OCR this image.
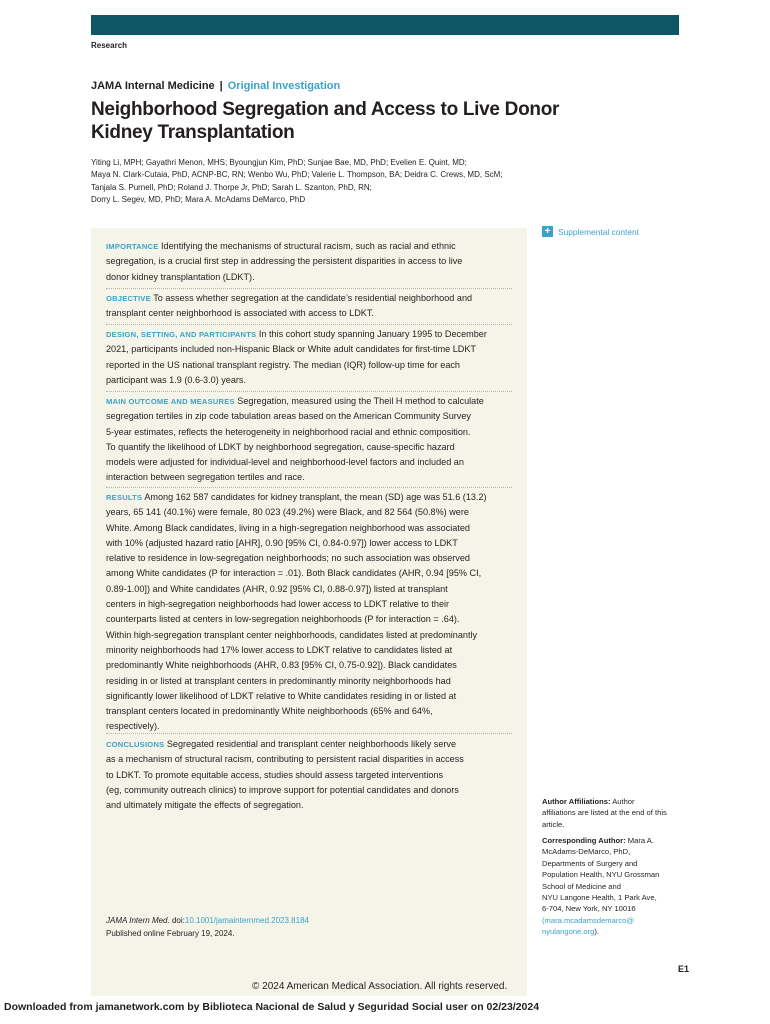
Research
JAMA Internal Medicine | Original Investigation
Neighborhood Segregation and Access to Live Donor
Kidney Transplantation

Yiting Li, MPH; Gayathri Menon, MHS; Byoungjun Kim, PhD; Sunjae Bae, MD, PhD; Evelien E. Quint, MD;

Maya N. Clark-Cutaia, PhD, ACNP-BC, RN; Wenbo Wu, PhD; Valerie L. Thompson, BA; Deidra C. Crews, MD, ScM;

Tanjala S. Purnell, PhD; Roland J. Thorpe Jr, PhD; Sarah L. Szanton, PhD, RN;

Dorry L. Segev, MD, PhD; Mara A. McAdams DeMarco, PhD

IMPORTANCE Identifying the mechanisms of structural racism, such as racial and ethnic
segregation, is a crucial first step in addressing the persistent disparities in access to live
donor kidney transplantation (LDKT).
OBJECTIVE To assess whether segregation at the candidate’s residential neighborhood and
transplant center neighborhood is associated with access to LDKT.
DESIGN, SETTING, AND PARTICIPANTS In this cohort study spanning January 1995 to December
2021, participants included non-Hispanic Black or White adult candidates for first-time LDKT
reported in the US national transplant registry. The median (IQR) follow-up time for each
participant was 1.9 (0.6-3.0) years.
MAIN OUTCOME AND MEASURES Segregation, measured using the Theil H method to calculate
segregation tertiles in zip code tabulation areas based on the American Community Survey
5-year estimates, reflects the heterogeneity in neighborhood racial and ethnic composition.
To quantify the likelihood of LDKT by neighborhood segregation, cause-specific hazard
models were adjusted for individual-level and neighborhood-level factors and included an
interaction between segregation tertiles and race.
RESULTS Among 162 587 candidates for kidney transplant, the mean (SD) age was 51.6 (13.2)
years, 65 141 (40.1%) were female, 80 023 (49.2%) were Black, and 82 564 (50.8%) were
White. Among Black candidates, living in a high-segregation neighborhood was associated
with 10% (adjusted hazard ratio [AHR], 0.90 [95% CI, 0.84-0.97]) lower access to LDKT
relative to residence in low-segregation neighborhoods; no such association was observed
among White candidates (P for interaction = .01). Both Black candidates (AHR, 0.94 [95% CI,
0.89-1.00]) and White candidates (AHR, 0.92 [95% CI, 0.88-0.97]) listed at transplant
centers in high-segregation neighborhoods had lower access to LDKT relative to their
counterparts listed at centers in low-segregation neighborhoods (P for interaction = .64).
Within high-segregation transplant center neighborhoods, candidates listed at predominantly
minority neighborhoods had 17% lower access to LDKT relative to candidates listed at
predominantly White neighborhoods (AHR, 0.83 [95% CI, 0.75-0.92]). Black candidates
residing in or listed at transplant centers in predominantly minority neighborhoods had
significantly lower likelihood of LDKT relative to White candidates residing in or listed at
transplant centers located in predominantly White neighborhoods (65% and 64%,
respectively).
CONCLUSIONS Segregated residential and transplant center neighborhoods likely serve
as a mechanism of structural racism, contributing to persistent racial disparities in access
to LDKT. To promote equitable access, studies should assess targeted interventions
(eg, community outreach clinics) to improve support for potential candidates and donors
and ultimately mitigate the effects of segregation.
JAMA Intern Med. doi:10.1001/jamainternmed.2023.8184
Published online February 19, 2024.
+ Supplemental content
Author Affiliations: Author
affiliations are listed at the end of this
article.
Corresponding Author: Mara A.
McAdams-DeMarco, PhD,
Departments of Surgery and
Population Health, NYU Grossman
School of Medicine and
NYU Langone Health, 1 Park Ave,
6-704, New York, NY 10016
(mara.mcadamsdemarco@
nyulangone.org).
E1
© 2024 American Medical Association. All rights reserved.
Downloaded from jamanetwork.com by Biblioteca Nacional de Salud y Seguridad Social user on 02/23/2024
